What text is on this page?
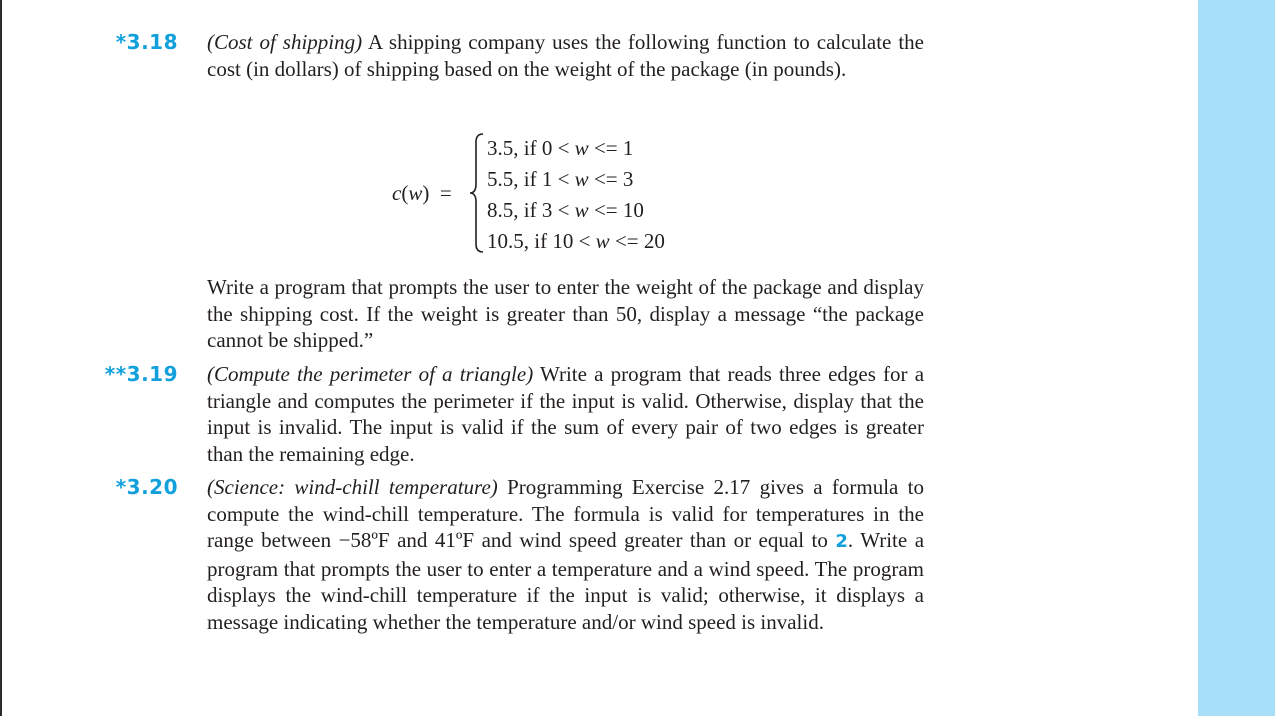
*3.18 (Cost of shipping) A shipping company uses the following function to calculate the cost (in dollars) of shipping based on the weight of the package (in pounds).
c(w)  =
3.5, if 0 < w <= 1
5.5, if 1 < w <= 3
8.5, if 3 < w <= 10
10.5, if 10 < w <= 20
Write a program that prompts the user to enter the weight of the package and display the shipping cost. If the weight is greater than 50, display a message “the package cannot be shipped.”
**3.19 (Compute the perimeter of a triangle) Write a program that reads three edges for a triangle and computes the perimeter if the input is valid. Otherwise, display that the input is invalid. The input is valid if the sum of every pair of two edges is greater than the remaining edge.
*3.20 (Science: wind-chill temperature) Programming Exercise 2.17 gives a formula to compute the wind-chill temperature. The formula is valid for temperatures in the range between −58ºF and 41ºF and wind speed greater than or equal to 2. Write a program that prompts the user to enter a temperature and a wind speed. The program displays the wind-chill temperature if the input is valid; otherwise, it displays a message indicating whether the temperature and/or wind speed is invalid.
